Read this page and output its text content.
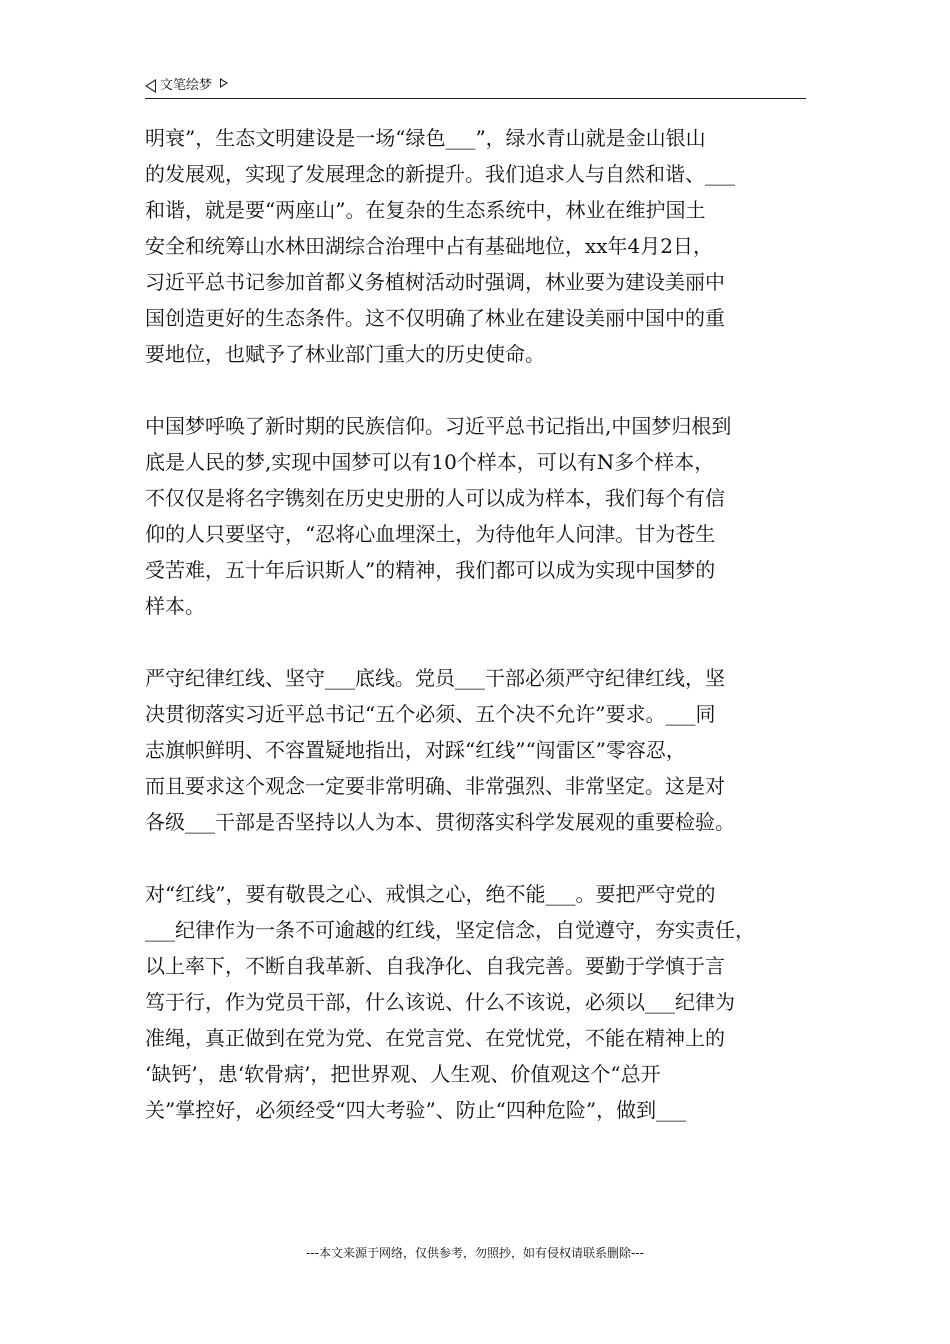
文笔绘梦
明衰”，生态文明建设是一场“绿色___”，绿水青山就是金山银山
的发展观，实现了发展理念的新提升。我们追求人与自然和谐、___
和谐，就是要“两座山”。在复杂的生态系统中，林业在维护国土
安全和统筹山水林田湖综合治理中占有基础地位，xx年4月2日，
习近平总书记参加首都义务植树活动时强调，林业要为建设美丽中
国创造更好的生态条件。这不仅明确了林业在建设美丽中国中的重
要地位，也赋予了林业部门重大的历史使命。
中国梦呼唤了新时期的民族信仰。习近平总书记指出,中国梦归根到
底是人民的梦,实现中国梦可以有10个样本，可以有N多个样本，
不仅仅是将名字镌刻在历史史册的人可以成为样本，我们每个有信
仰的人只要坚守，“忍将心血埋深土，为待他年人问津。甘为苍生
受苦难，五十年后识斯人”的精神，我们都可以成为实现中国梦的
样本。
严守纪律红线、坚守___底线。党员___干部必须严守纪律红线，坚
决贯彻落实习近平总书记“五个必须、五个决不允许”要求。___同
志旗帜鲜明、不容置疑地指出，对踩“红线”“闯雷区”零容忍，
而且要求这个观念一定要非常明确、非常强烈、非常坚定。这是对
各级___干部是否坚持以人为本、贯彻落实科学发展观的重要检验。
对“红线”，要有敬畏之心、戒惧之心，绝不能___。要把严守党的
___纪律作为一条不可逾越的红线，坚定信念，自觉遵守，夯实责任，
以上率下，不断自我革新、自我净化、自我完善。要勤于学慎于言
笃于行，作为党员干部，什么该说、什么不该说，必须以___纪律为
准绳，真正做到在党为党、在党言党、在党忧党，不能在精神上的
‘缺钙’，患‘软骨病’，把世界观、人生观、价值观这个“总开
关”掌控好，必须经受“四大考验”、防止“四种危险”，做到___
---本文来源于网络，仅供参考，勿照抄，如有侵权请联系删除---
